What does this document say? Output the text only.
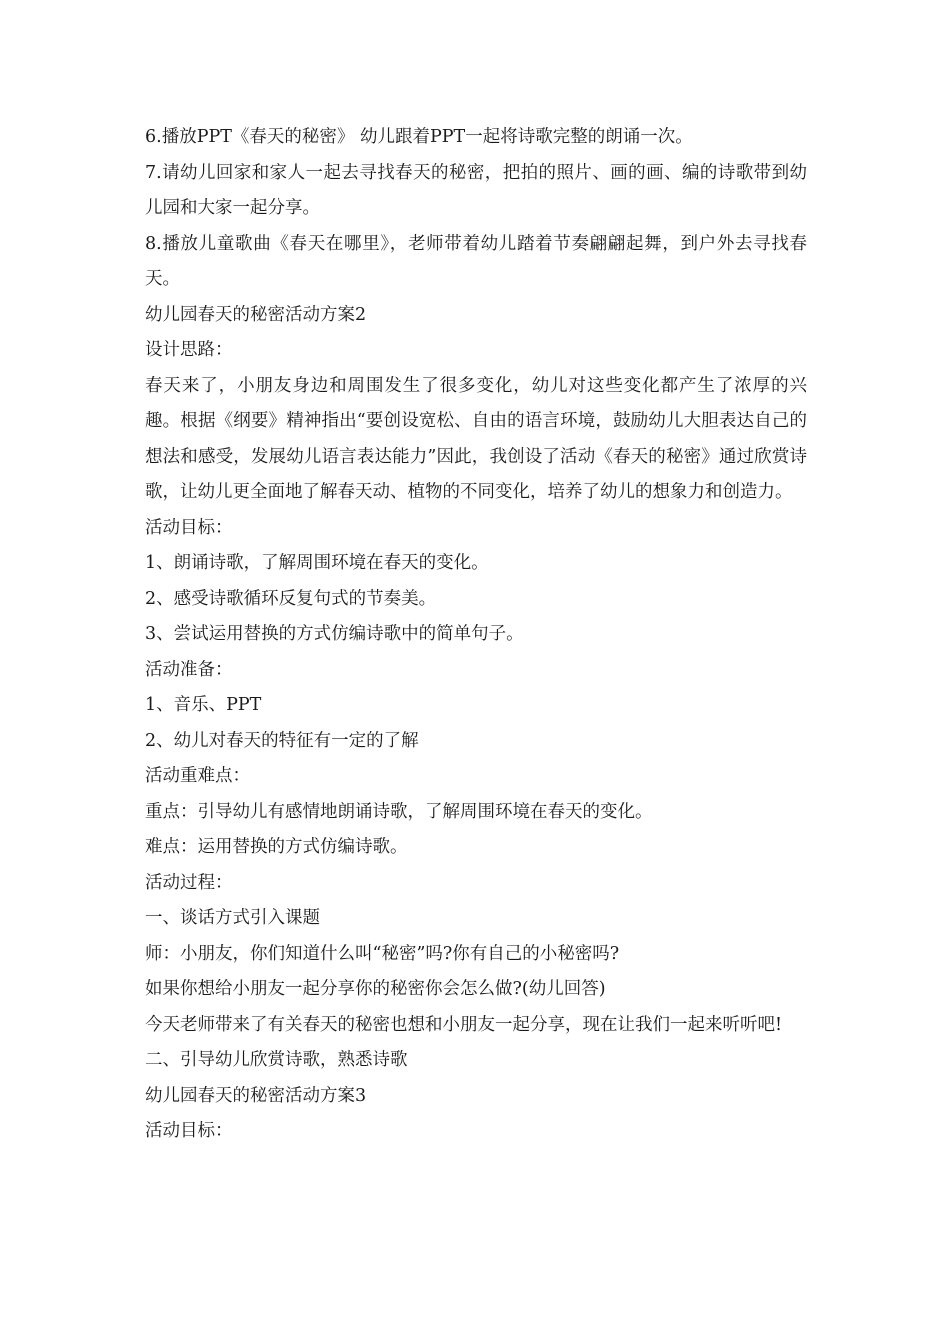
6.播放PPT《春天的秘密》 幼儿跟着PPT一起将诗歌完整的朗诵一次。

7.请幼儿回家和家人一起去寻找春天的秘密，把拍的照片、画的画、编的诗歌带到幼儿园和大家一起分享。

8.播放儿童歌曲《春天在哪里》，老师带着幼儿踏着节奏翩翩起舞，到户外去寻找春天。

幼儿园春天的秘密活动方案2

设计思路：

春天来了，小朋友身边和周围发生了很多变化，幼儿对这些变化都产生了浓厚的兴趣。根据《纲要》精神指出“要创设宽松、自由的语言环境，鼓励幼儿大胆表达自己的想法和感受，发展幼儿语言表达能力”因此，我创设了活动《春天的秘密》通过欣赏诗歌，让幼儿更全面地了解春天动、植物的不同变化，培养了幼儿的想象力和创造力。

活动目标：

1、朗诵诗歌，了解周围环境在春天的变化。

2、感受诗歌循环反复句式的节奏美。

3、尝试运用替换的方式仿编诗歌中的简单句子。

活动准备：

1、音乐、PPT

2、幼儿对春天的特征有一定的了解

活动重难点：

重点：引导幼儿有感情地朗诵诗歌，了解周围环境在春天的变化。

难点：运用替换的方式仿编诗歌。

活动过程：

一、谈话方式引入课题

师：小朋友，你们知道什么叫“秘密”吗?你有自己的小秘密吗?

如果你想给小朋友一起分享你的秘密你会怎么做?(幼儿回答)

今天老师带来了有关春天的秘密也想和小朋友一起分享，现在让我们一起来听听吧!

二、引导幼儿欣赏诗歌，熟悉诗歌

幼儿园春天的秘密活动方案3

活动目标：
